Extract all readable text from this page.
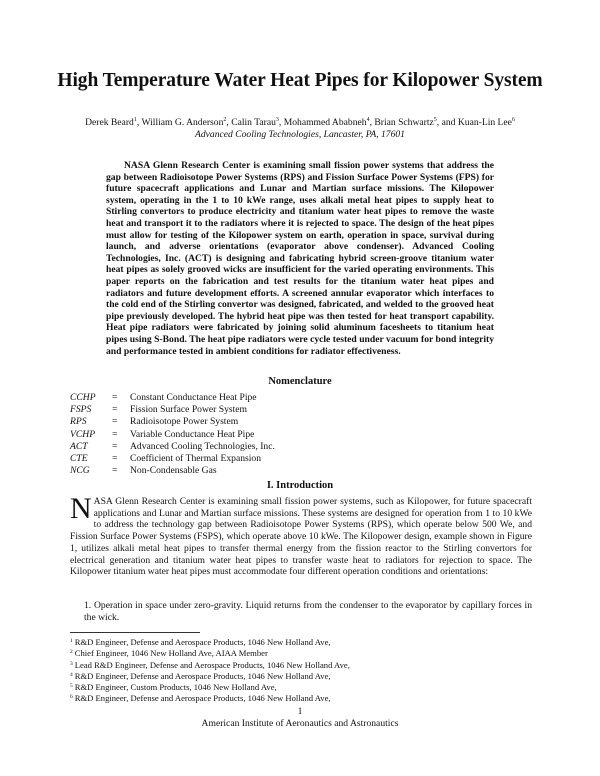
High Temperature Water Heat Pipes for Kilopower System
Derek Beard$^1$, William G. Anderson$^2$, Calin Tarau$^3$, Mohammed Ababneh$^4$, Brian Schwartz$^5$, and Kuan-Lin Lee$^6$
Advanced Cooling Technologies, Lancaster, PA, 17601

NASA Glenn Research Center is examining small fission power systems that address the gap between Radioisotope Power Systems (RPS) and Fission Surface Power Systems (FPS) for future spacecraft applications and Lunar and Martian surface missions. The Kilopower system, operating in the 1 to 10 kWe range, uses alkali metal heat pipes to supply heat to Stirling convertors to produce electricity and titanium water heat pipes to remove the waste heat and transport it to the radiators where it is rejected to space. The design of the heat pipes must allow for testing of the Kilopower system on earth, operation in space, survival during launch, and adverse orientations (evaporator above condenser). Advanced Cooling Technologies, Inc. (ACT) is designing and fabricating hybrid screen-groove titanium water heat pipes as solely grooved wicks are insufficient for the varied operating environments. This paper reports on the fabrication and test results for the titanium water heat pipes and radiators and future development efforts. A screened annular evaporator which interfaces to the cold end of the Stirling convertor was designed, fabricated, and welded to the grooved heat pipe previously developed. The hybrid heat pipe was then tested for heat transport capability. Heat pipe radiators were fabricated by joining solid aluminum facesheets to titanium heat pipes using S-Bond. The heat pipe radiators were cycle tested under vacuum for bond integrity and performance tested in ambient conditions for radiator effectiveness.

Nomenclature
CCHP = Constant Conductance Heat Pipe
FSPS = Fission Surface Power System
RPS	= Radioisotope Power System
VCHP = Variable Conductance Heat Pipe
ACT	= Advanced Cooling Technologies, Inc.
CTE	= Coefficient of Thermal Expansion
NCG = Non-Condensable Gas
I. Introduction

NASA Glenn Research Center is examining small fission power systems, such as Kilopower, for future spacecraft applications and Lunar and Martian surface missions. These systems are designed for operation from 1 to 10 kWe to address the technology gap between Radioisotope Power Systems (RPS), which operate below 500 We, and Fission Surface Power Systems (FSPS), which operate above 10 kWe. The Kilopower design, example shown in Figure 1, utilizes alkali metal heat pipes to transfer thermal energy from the fission reactor to the Stirling convertors for electrical generation and titanium water heat pipes to transfer waste heat to radiators for rejection to space. The Kilopower titanium water heat pipes must accommodate four different operation conditions and orientations:

1. Operation in space under zero-gravity. Liquid returns from the condenser to the evaporator by capillary forces in the wick.

$^1$ R&D Engineer, Defense and Aerospace Products, 1046 New Holland Ave,
$^2$ Chief Engineer, 1046 New Holland Ave, AIAA Member
$^3$ Lead R&D Engineer, Defense and Aerospace Products, 1046 New Holland Ave,
$^4$ R&D Engineer, Defense and Aerospace Products, 1046 New Holland Ave,
$^5$ R&D Engineer, Custom Products, 1046 New Holland Ave,
$^6$ R&D Engineer, Defense and Aerospace Products, 1046 New Holland Ave,
1
American Institute of Aeronautics and Astronautics
